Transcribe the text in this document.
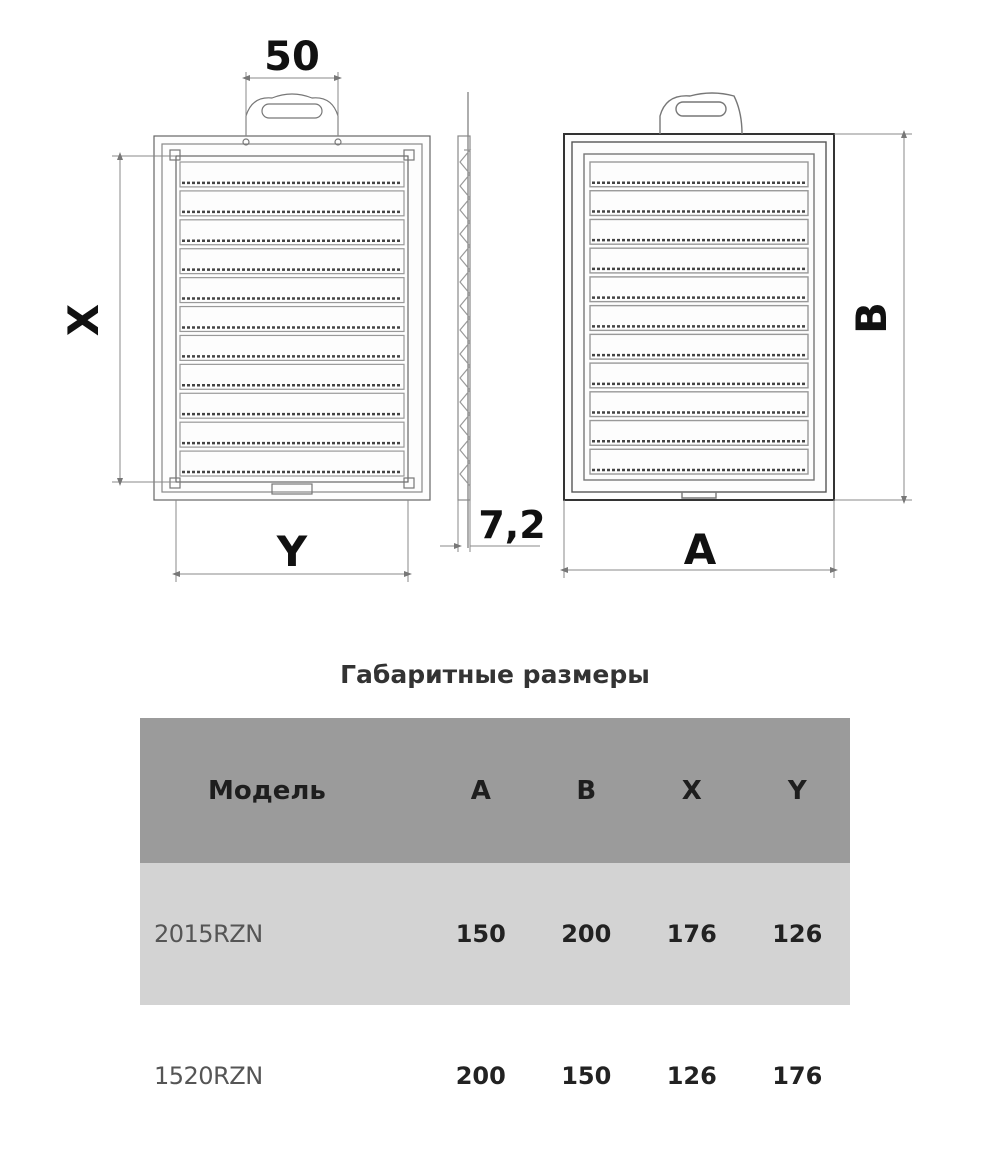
50
X
Y
7,2	A
B
Габаритные размеры
Модель	A	B	X	Y
2015RZN	150	200	176	126
1520RZN	200	150	126	176
